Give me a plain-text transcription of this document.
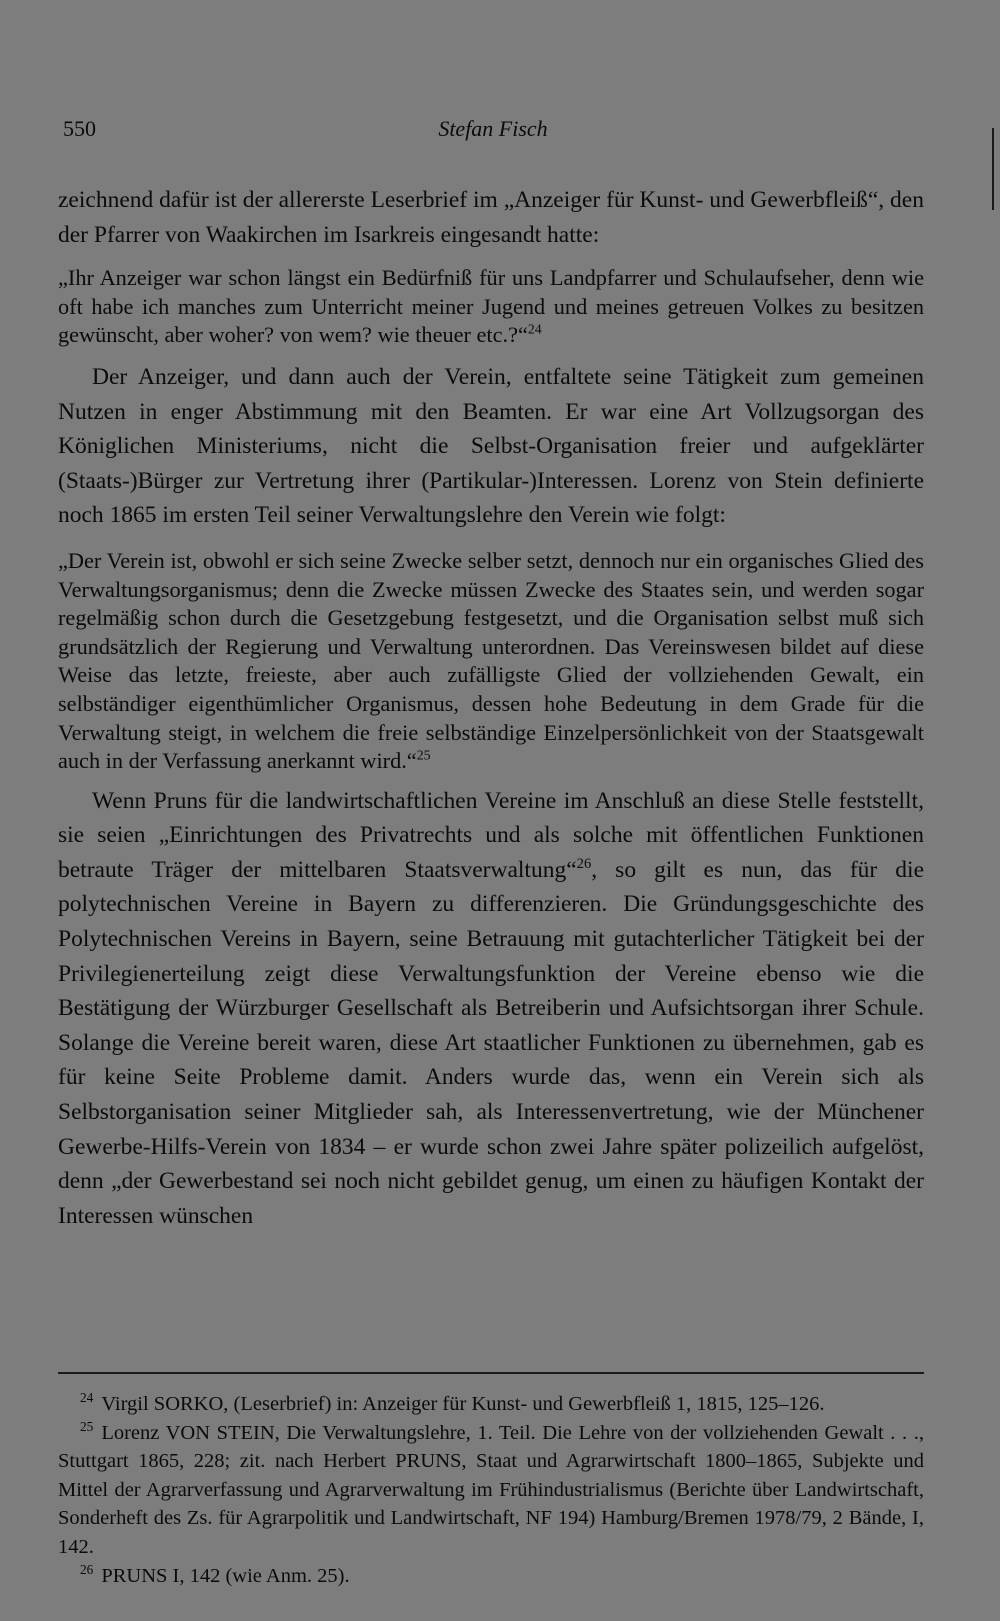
550	Stefan Fisch

zeichnend dafür ist der allererste Leserbrief im „Anzeiger für Kunst- und Gewerbfleiß“, den der Pfarrer von Waakirchen im Isarkreis eingesandt hatte:

„Ihr Anzeiger war schon längst ein Bedürfniß für uns Landpfarrer und Schulaufseher, denn wie oft habe ich manches zum Unterricht meiner Jugend und meines getreuen Volkes zu besitzen gewünscht, aber woher? von wem? wie theuer etc.?“$^{24}$

Der Anzeiger, und dann auch der Verein, entfaltete seine Tätigkeit zum gemeinen Nutzen in enger Abstimmung mit den Beamten. Er war eine Art Vollzugsorgan des Königlichen Ministeriums, nicht die Selbst-Organisation freier und aufgeklärter (Staats-)Bürger zur Vertretung ihrer (Partikular-)Interessen. Lorenz von Stein definierte noch 1865 im ersten Teil seiner Verwaltungslehre den Verein wie folgt:

„Der Verein ist, obwohl er sich seine Zwecke selber setzt, dennoch nur ein organisches Glied des Verwaltungsorganismus; denn die Zwecke müssen Zwecke des Staates sein, und werden sogar regelmäßig schon durch die Gesetzgebung festgesetzt, und die Organisation selbst muß sich grundsätzlich der Regierung und Verwaltung unterordnen. Das Vereinswesen bildet auf diese Weise das letzte, freieste, aber auch zufälligste Glied der vollziehenden Gewalt, ein selbständiger eigenthümlicher Organismus, dessen hohe Bedeutung in dem Grade für die Verwaltung steigt, in welchem die freie selbständige Einzelpersönlichkeit von der Staatsgewalt auch in der Verfassung anerkannt wird.“$^{25}$

Wenn Pruns für die landwirtschaftlichen Vereine im Anschluß an diese Stelle feststellt, sie seien „Einrichtungen des Privatrechts und als solche mit öffentlichen Funktionen betraute Träger der mittelbaren Staatsverwaltung“$^{26}$, so gilt es nun, das für die polytechnischen Vereine in Bayern zu differenzieren. Die Gründungsgeschichte des Polytechnischen Vereins in Bayern, seine Betrauung mit gutachterlicher Tätigkeit bei der Privilegienerteilung zeigt diese Verwaltungsfunktion der Vereine ebenso wie die Bestätigung der Würzburger Gesellschaft als Betreiberin und Aufsichtsorgan ihrer Schule. Solange die Vereine bereit waren, diese Art staatlicher Funktionen zu übernehmen, gab es für keine Seite Probleme damit. Anders wurde das, wenn ein Verein sich als Selbstorganisation seiner Mitglieder sah, als Interessenvertretung, wie der Münchener Gewerbe-Hilfs-Verein von 1834 – er wurde schon zwei Jahre später polizeilich aufgelöst, denn „der Gewerbestand sei noch nicht gebildet genug, um einen zu häufigen Kontakt der Interessen wünschen

$^{24}$ Virgil SORKO, (Leserbrief) in: Anzeiger für Kunst- und Gewerbfleiß 1, 1815, 125–126.

$^{25}$ Lorenz VON STEIN, Die Verwaltungslehre, 1. Teil. Die Lehre von der vollziehenden Gewalt . . ., Stuttgart 1865, 228; zit. nach Herbert PRUNS, Staat und Agrarwirtschaft 1800–1865, Subjekte und Mittel der Agrarverfassung und Agrarverwaltung im Frühindustrialismus (Berichte über Landwirtschaft, Sonderheft des Zs. für Agrarpolitik und Landwirtschaft, NF 194) Hamburg/Bremen 1978/79, 2 Bände, I, 142.

$^{26}$ PRUNS I, 142 (wie Anm. 25).
